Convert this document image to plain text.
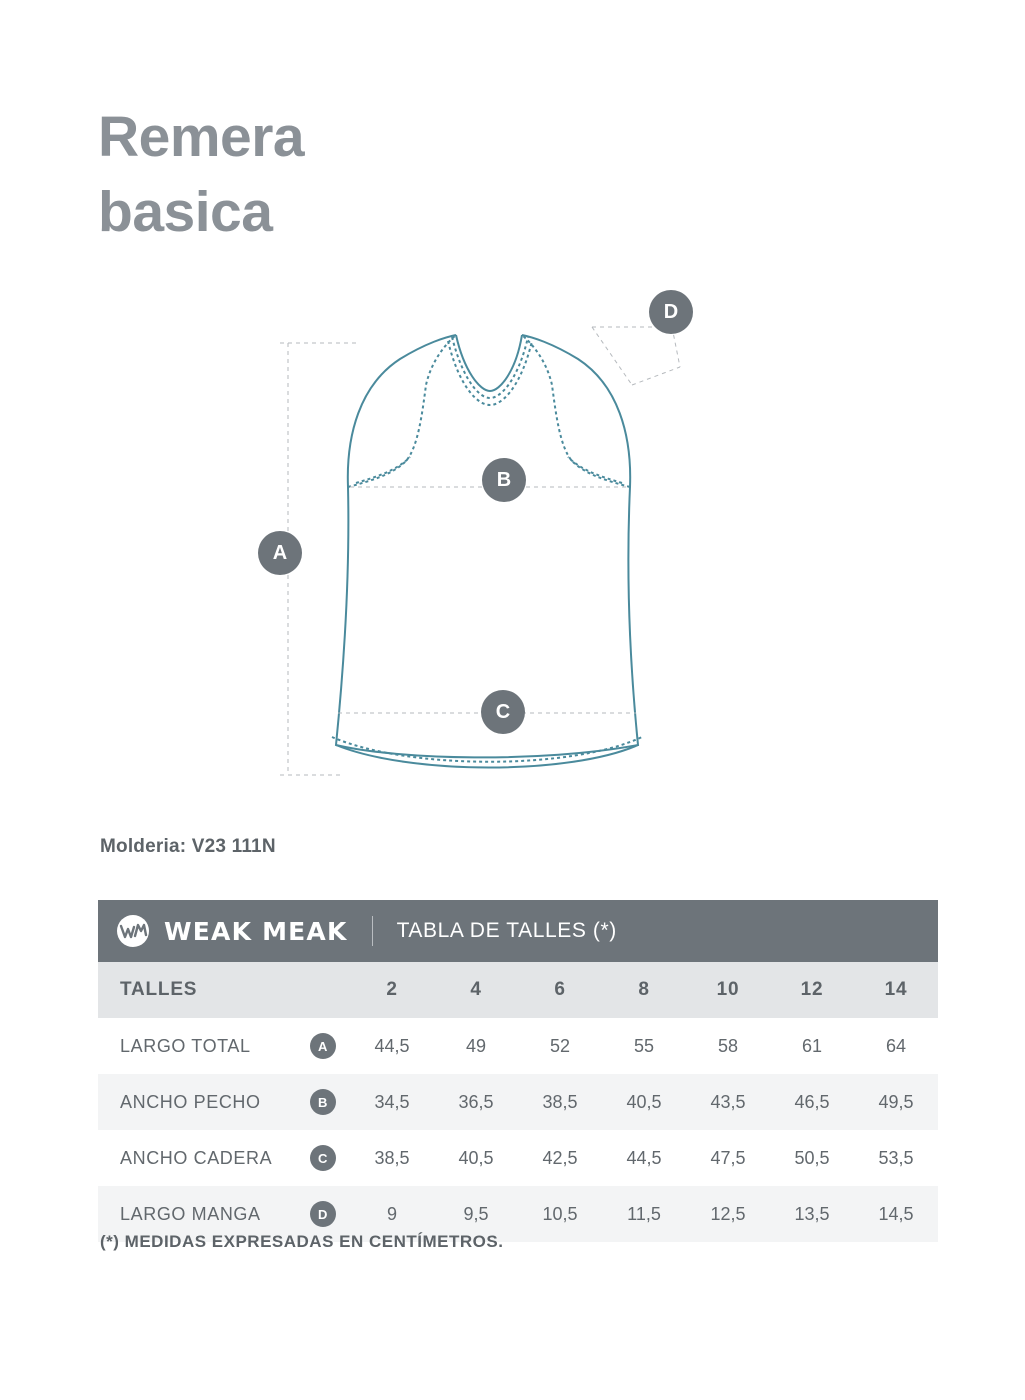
Remera
basica
A
B
C
D
Molderia: V23 111N
WEAK MEAK TABLA DE TALLES (*)							

TALLES	2	4	6	8	10	12	14

LARGO TOTAL A	44,5	49	52	55	58	61	64

ANCHO PECHO B	34,5	36,5	38,5	40,5	43,5	46,5	49,5

ANCHO CADERA C	38,5	40,5	42,5	44,5	47,5	50,5	53,5

LARGO MANGA D	9	9,5	10,5	11,5	12,5	13,5	14,5
(*) MEDIDAS EXPRESADAS EN CENTÍMETROS.
